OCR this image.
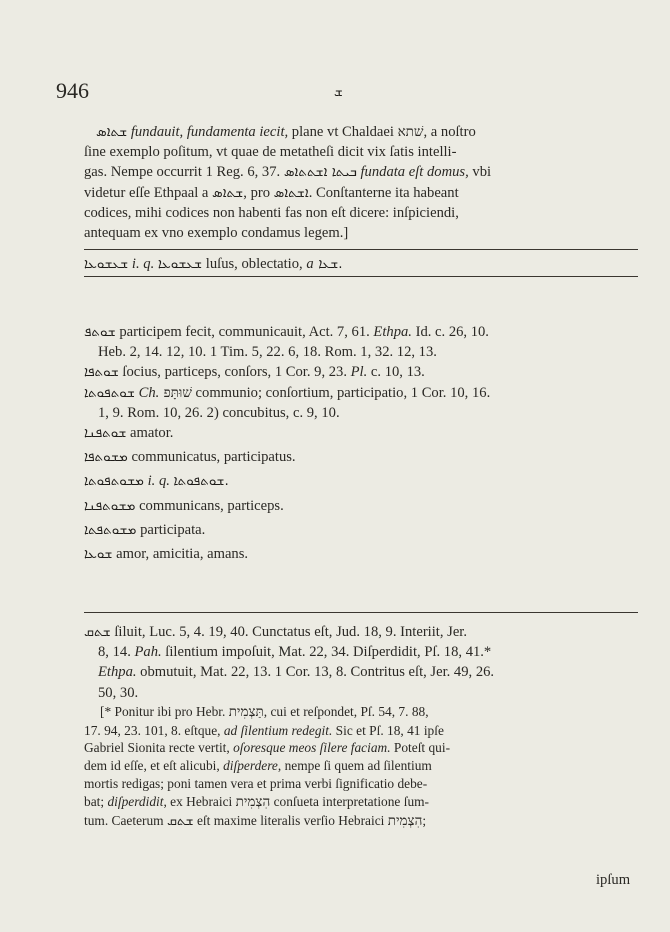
946	ܫ

ܫܬܐܣ fundauit, fundamenta iecit, plane vt Chaldaei שׁתא, a noſtro
ſine exemplo poſitum, vt quae de metatheſi dicit vix ſatis intelli-
gas. Nempe occurrit 1 Reg. 6, 37. ܒܝܬܐ ܐܫܬܬܐܣ fundata eſt domus, vbi
videtur eſſe Ethpaal a ܫܬܐܣ, pro ܐܫܬܐܣ. Conſtanterne ita habeant
codices, mihi codices non habenti fas non eſt dicere: inſpiciendi,
antequam ex vno exemplo condamus legem.]

ܫܥܫܘܥܐ i. q. ܫܥܫܘܥܐ luſus, oblectatio, a ܫܥܐ.

ܫܘܬܦ participem fecit, communicauit, Act. 7, 61. Ethpa. Id. c. 26, 10.
Heb. 2, 14. 12, 10. 1 Tim. 5, 22. 6, 18. Rom. 1, 32. 12, 13.
ܫܘܬܦܐ ſocius, particeps, conſors, 1 Cor. 9, 23. Pl. c. 10, 13.
ܫܘܬܦܘܬܐ Ch. שׁוּתָּפ communio; conſortium, participatio, 1 Cor. 10, 16.
1, 9. Rom. 10, 26. 2) concubitus, c. 9, 10.
ܫܘܬܦܢܐ amator.
ܡܫܘܬܦܐ communicatus, participatus.
ܡܫܘܬܦܘܬܐ i. q. ܫܘܬܦܘܬܐ.
ܡܫܘܬܦܢܐ communicans, particeps.
ܡܫܘܬܦܬܐ participata.
ܫܘܥܐ amor, amicitia, amans.

ܫܬܩ ſiluit, Luc. 5, 4. 19, 40. Cunctatus eſt, Jud. 18, 9. Interiit, Jer.
8, 14. Pah. ſilentium impoſuit, Mat. 22, 34. Diſperdidit, Pſ. 18, 41.*
Ethpa. obmutuit, Mat. 22, 13. 1 Cor. 13, 8. Contritus eſt, Jer. 49, 26.
50, 30.

[* Ponitur ibi pro Hebr. תַּצְמִית, cui et reſpondet, Pſ. 54, 7. 88,
17. 94, 23. 101, 8. eſtque, ad ſilentium redegit. Sic et Pſ. 18, 41 ipſe
Gabriel Sionita recte vertit, oſoresque meos ſilere faciam. Poteſt qui-
dem id eſſe, et eſt alicubi, diſperdere, nempe ſi quem ad ſilentium
mortis redigas; poni tamen vera et prima verbi ſignificatio debe-
bat; diſperdidit, ex Hebraici הִצְמִית conſueta interpretatione ſum-
tum. Caeterum ܫܬܩ eſt maxime literalis verſio Hebraici הִצְמִית;

ipſum
